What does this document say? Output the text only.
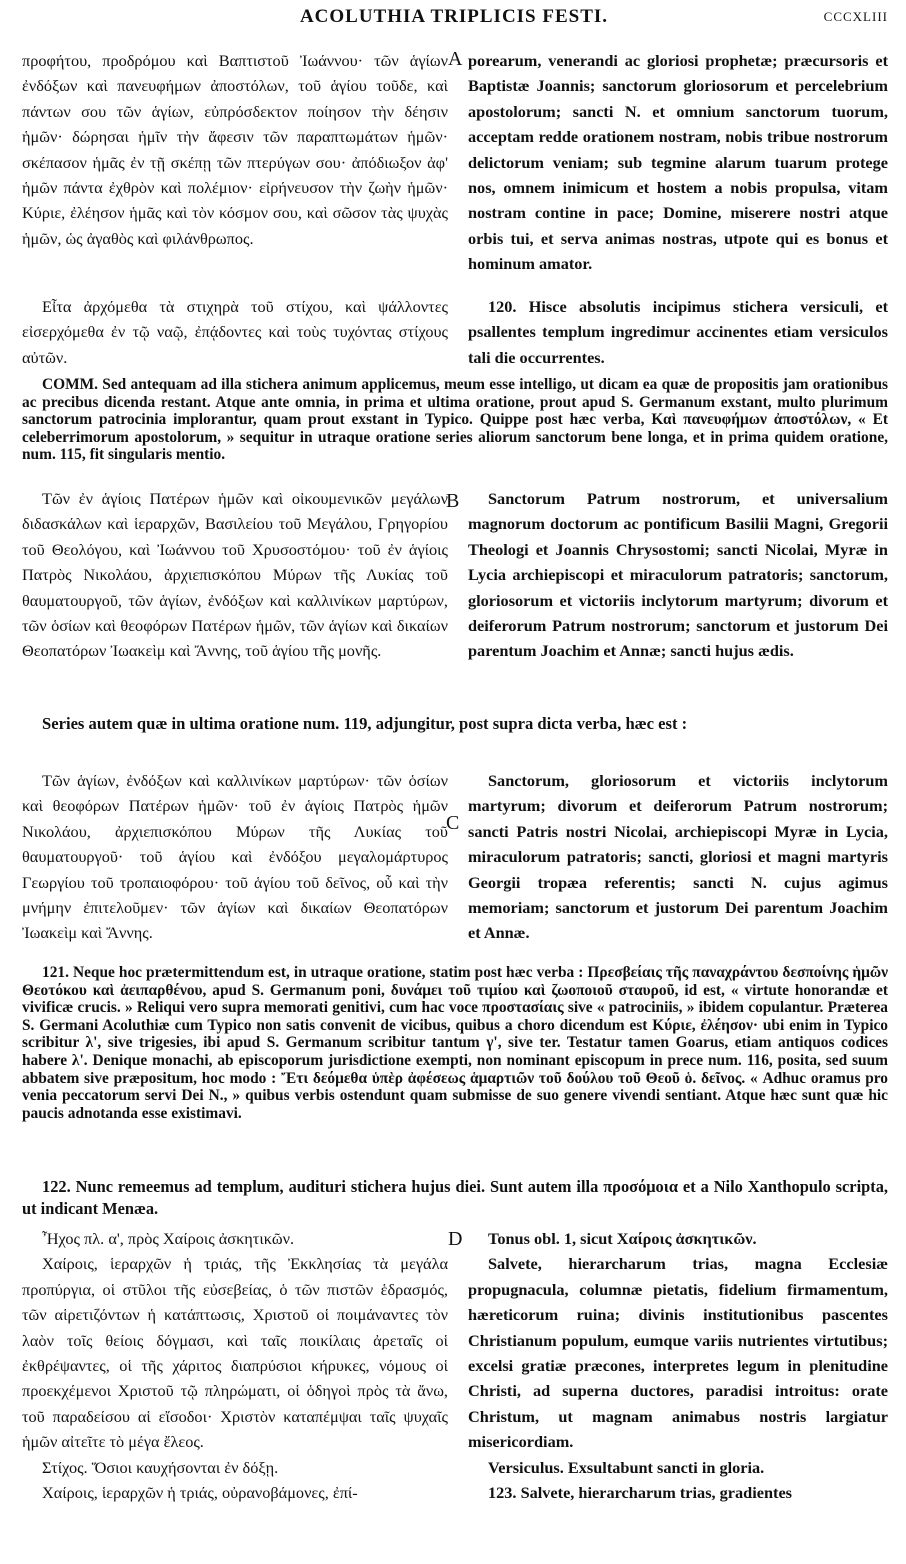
ACOLUTHIA TRIPLICIS FESTI.	CCCXLIII

προφήτου, προδρόμου καὶ Βαπτιστοῦ Ἰωάννου· τῶν ἁγίων ἐνδόξων καὶ πανευφήμων ἀποστόλων, τοῦ ἁγίου τοῦδε, καὶ πάντων σου τῶν ἁγίων, εὐπρόσδεκτον ποίησον τὴν δέησιν ἡμῶν· δώρησαι ἡμῖν τὴν ἄφεσιν τῶν παραπτωμάτων ἡμῶν· σκέπασον ἡμᾶς ἐν τῇ σκέπῃ τῶν πτερύγων σου· ἀπόδιωξον ἀφ' ἡμῶν πάντα ἐχθρὸν καὶ πολέμιον· εἰρήνευσον τὴν ζωὴν ἡμῶν· Κύριε, ἐλέησον ἡμᾶς καὶ τὸν κόσμον σου, καὶ σῶσον τὰς ψυχὰς ἡμῶν, ὡς ἀγαθὸς καὶ φιλάνθρωπος.

A porearum, venerandi ac gloriosi prophetæ; præcursoris et Baptistæ Joannis; sanctorum gloriosorum et percelebrium apostolorum; sancti N. et omnium sanctorum tuorum, acceptam redde orationem nostram, nobis tribue nostrorum delictorum veniam; sub tegmine alarum tuarum protege nos, omnem inimicum et hostem a nobis propulsa, vitam nostram contine in pace; Domine, miserere nostri atque orbis tui, et serva animas nostras, utpote qui es bonus et hominum amator.

Εἶτα ἀρχόμεθα τὰ στιχηρὰ τοῦ στίχου, καὶ ψάλλοντες εἰσερχόμεθα ἐν τῷ ναῷ, ἐπᾴδοντες καὶ τοὺς τυχόντας στίχους αὐτῶν.

120. Hisce absolutis incipimus stichera versiculi, et psallentes templum ingredimur accinentes etiam versiculos tali die occurrentes.

COMM. Sed antequam ad illa stichera animum applicemus, meum esse intelligo, ut dicam ea quæ de propositis jam orationibus ac precibus dicenda restant. Atque ante omnia, in prima et ultima oratione, prout apud S. Germanum exstant, multo plurimum sanctorum patrocinia implorantur, quam prout exstant in Typico. Quippe post hæc verba, Καὶ πανευφήμων ἀποστόλων, « Et celeberrimorum apostolorum, » sequitur in utraque oratione series aliorum sanctorum bene longa, et in prima quidem oratione, num. 115, fit singularis mentio.

Τῶν ἐν ἁγίοις Πατέρων ἡμῶν καὶ οἰκουμενικῶν μεγάλων διδασκάλων καὶ ἱεραρχῶν, Βασιλείου τοῦ Μεγάλου, Γρηγορίου τοῦ Θεολόγου, καὶ Ἰωάννου τοῦ Χρυσοστόμου· τοῦ ἐν ἁγίοις Πατρὸς Νικολάου, ἀρχιεπισκόπου Μύρων τῆς Λυκίας τοῦ θαυματουργοῦ, τῶν ἁγίων, ἐνδόξων καὶ καλλινίκων μαρτύρων, τῶν ὁσίων καὶ θεοφόρων Πατέρων ἡμῶν, τῶν ἁγίων καὶ δικαίων Θεοπατόρων Ἰωακεὶμ καὶ Ἄννης, τοῦ ἁγίου τῆς μονῆς.

B	Sanctorum Patrum nostrorum, et universalium magnorum doctorum ac pontificum Basilii Magni, Gregorii Theologi et Joannis Chrysostomi; sancti Nicolai, Myræ in Lycia archiepiscopi et miraculorum patratoris; sanctorum, gloriosorum et victoriis inclytorum martyrum; divorum et deiferorum Patrum nostrorum; sanctorum et justorum Dei parentum Joachim et Annæ; sancti hujus ædis.

Series autem quæ in ultima oratione num. 119, adjungitur, post supra dicta verba, hæc est :

Τῶν ἁγίων, ἐνδόξων καὶ καλλινίκων μαρτύρων· τῶν ὁσίων καὶ θεοφόρων Πατέρων ἡμῶν· τοῦ ἐν ἁγίοις Πατρὸς ἡμῶν Νικολάου, ἀρχιεπισκόπου Μύρων τῆς Λυκίας τοῦ θαυματουργοῦ· τοῦ ἁγίου καὶ ἐνδόξου μεγαλομάρτυρος Γεωργίου τοῦ τροπαιοφόρου· τοῦ ἁγίου τοῦ δεῖνος, οὗ καὶ τὴν μνήμην ἐπιτελοῦμεν· τῶν ἁγίων καὶ δικαίων Θεοπατόρων Ἰωακεὶμ καὶ Ἄννης.

C

Sanctorum, gloriosorum et victoriis inclytorum martyrum; divorum et deiferorum Patrum nostrorum; sancti Patris nostri Nicolai, archiepiscopi Myræ in Lycia, miraculorum patratoris; sancti, gloriosi et magni martyris Georgii tropæa referentis; sancti N. cujus agimus memoriam; sanctorum et justorum Dei parentum Joachim et Annæ.

121. Neque hoc prætermittendum est, in utraque oratione, statim post hæc verba : Πρεσβείαις τῆς παναχράντου δεσποίνης ἡμῶν Θεοτόκου καὶ ἀειπαρθένου, apud S. Germanum poni, δυνάμει τοῦ τιμίου καὶ ζωοποιοῦ σταυροῦ, id est, « virtute honorandæ et vivificæ crucis. » Reliqui vero supra memorati genitivi, cum hac voce προστασίαις sive « patrociniis, » ibidem copulantur. Præterea S. Germani Acoluthiæ cum Typico non satis convenit de vicibus, quibus a choro dicendum est Κύριε, ἐλέησον· ubi enim in Typico scribitur λ', sive trigesies, ibi apud S. Germanum scribitur tantum γ', sive ter. Testatur tamen Goarus, etiam antiquos codices habere λ'. Denique monachi, ab episcoporum jurisdictione exempti, non nominant episcopum in prece num. 116, posita, sed suum abbatem sive præpositum, hoc modo : Ἔτι δεόμεθα ὑπὲρ ἀφέσεως ἁμαρτιῶν τοῦ δούλου τοῦ Θεοῦ ὁ. δεῖνος. « Adhuc oramus pro venia peccatorum servi Dei N., » quibus verbis ostendunt quam submisse de suo genere vivendi sentiant. Atque hæc sunt quæ hic paucis adnotanda esse existimavi.

122. Nunc remeemus ad templum, audituri stichera hujus diei. Sunt autem illa προσόμοια et a Nilo Xanthopulo scripta, ut indicant Menæa.

Ἦχος πλ. α', πρὸς Χαίροις ἀσκητικῶν.

Χαίροις, ἱεραρχῶν ἡ τριάς, τῆς Ἐκκλησίας τὰ μεγάλα προπύργια, οἱ στῦλοι τῆς εὐσεβείας, ὁ τῶν πιστῶν ἑδρασμός, τῶν αἱρετιζόντων ἡ κατάπτωσις, Χριστοῦ οἱ ποιμάναντες τὸν λαὸν τοῖς θείοις δόγμασι, καὶ ταῖς ποικίλαις ἀρεταῖς οἱ ἐκθρέψαντες, οἱ τῆς χάριτος διαπρύσιοι κήρυκες, νόμους οἱ προεκχέμενοι Χριστοῦ τῷ πληρώματι, οἱ ὁδηγοὶ πρὸς τὰ ἄνω, τοῦ παραδείσου αἱ εἴσοδοι· Χριστὸν καταπέμψαι ταῖς ψυχαῖς ἡμῶν αἰτεῖτε τὸ μέγα ἔλεος.

Στίχος. Ὅσιοι καυχήσονται ἐν δόξῃ.

Χαίροις, ἱεραρχῶν ἡ τριάς, οὐρανοβάμονες, ἐπί-

D	Tonus obl. 1, sicut Χαίροις ἀσκητικῶν.

Salvete, hierarcharum trias, magna Ecclesiæ propugnacula, columnæ pietatis, fidelium firmamentum, hæreticorum ruina; divinis institutionibus pascentes Christianum populum, eumque variis nutrientes virtutibus; excelsi gratiæ præcones, interpretes legum in plenitudine Christi, ad superna ductores, paradisi introitus: orate Christum, ut magnam animabus nostris largiatur misericordiam.

Versiculus. Exsultabunt sancti in gloria.

123. Salvete, hierarcharum trias, gradientes
